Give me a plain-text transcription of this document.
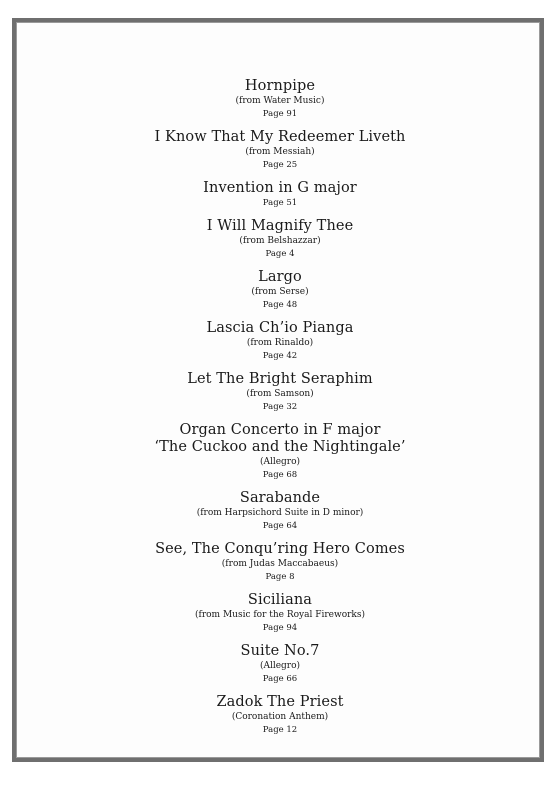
Hornpipe
(from Water Music)
Page 91
I Know That My Redeemer Liveth
(from Messiah)
Page 25
Invention in G major
Page 51
I Will Magnify Thee
(from Belshazzar)
Page 4
Largo
(from Serse)
Page 48
Lascia Ch’io Pianga
(from Rinaldo)
Page 42
Let The Bright Seraphim
(from Samson)
Page 32
Organ Concerto in F major
‘The Cuckoo and the Nightingale’
(Allegro)
Page 68
Sarabande
(from Harpsichord Suite in D minor)
Page 64
See, The Conqu’ring Hero Comes
(from Judas Maccabaeus)
Page 8
Siciliana
(from Music for the Royal Fireworks)
Page 94
Suite No.7
(Allegro)
Page 66
Zadok The Priest
(Coronation Anthem)
Page 12
